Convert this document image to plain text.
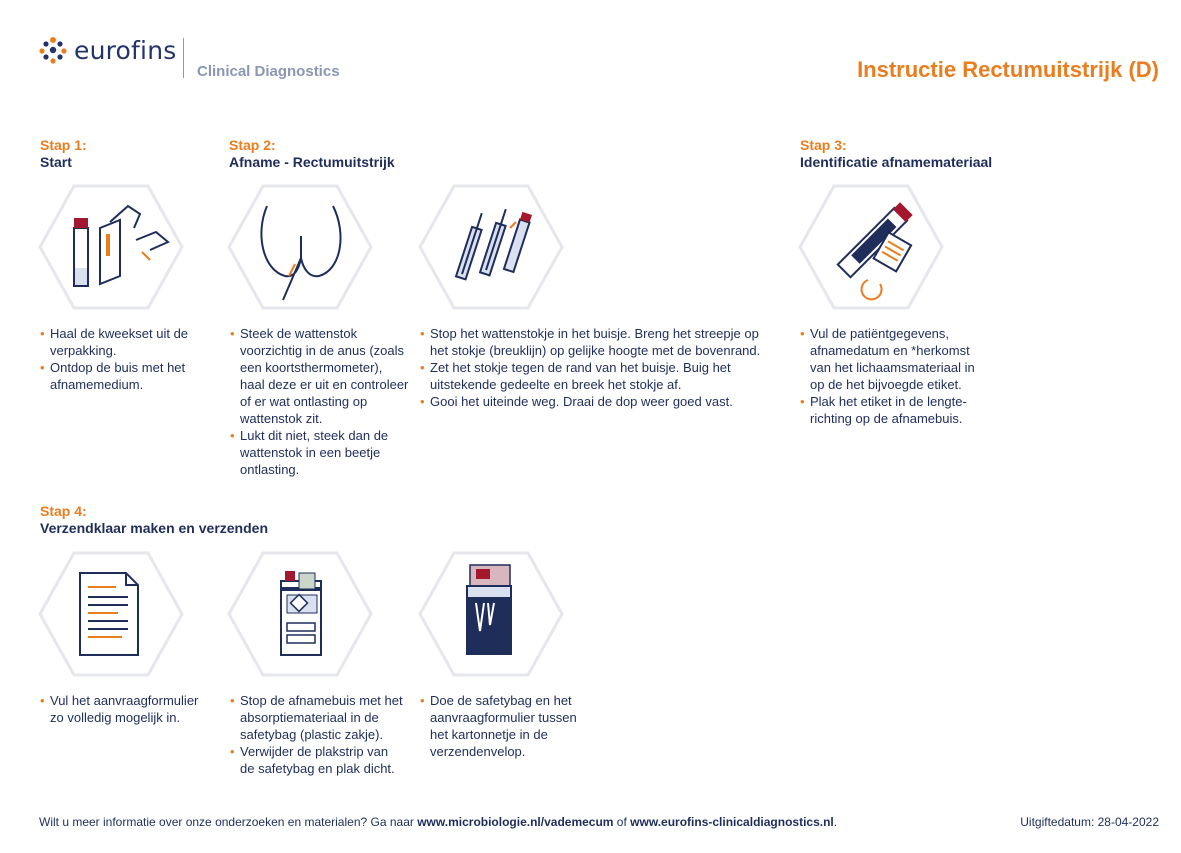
eurofins
Clinical Diagnostics	Instructie Rectumuitstrijk (D)
Stap 1:
Start
Stap 2:
Afname - Rectumuitstrijk
Stap 3:
Identificatie afnamemateriaal
Stap 4:
Verzendklaar maken en verzenden
• Haal de kweekset uit de verpakking.
• Ontdop de buis met het afnamemedium.
• Steek de wattenstok voorzichtig in de anus (zoals een koortsthermometer), haal deze er uit en controleer of er wat ontlasting op wattenstok zit.
• Lukt dit niet, steek dan de wattenstok in een beetje ontlasting.
• Stop het wattenstokje in het buisje. Breng het streepje op het stokje (breuklijn) op gelijke hoogte met de bovenrand.
• Zet het stokje tegen de rand van het buisje. Buig het uitstekende gedeelte en breek het stokje af.
• Gooi het uiteinde weg. Draai de dop weer goed vast.
• Vul de patiëntgegevens, afnamedatum en *herkomst van het lichaamsmateriaal in op de het bijvoegde etiket.
• Plak het etiket in de lengte-richting op de afnamebuis.
• Vul het aanvraagformulier zo volledig mogelijk in.
• Stop de afnamebuis met het absorptiemateriaal in de safetybag (plastic zakje).
• Verwijder de plakstrip van de safetybag en plak dicht.
• Doe de safetybag en het aanvraagformulier tussen het kartonnetje in de verzendenvelop.
Wilt u meer informatie over onze onderzoeken en materialen? Ga naar www.microbiologie.nl/vademecum of www.eurofins-clinicaldiagnostics.nl.	Uitgiftedatum: 28-04-2022
